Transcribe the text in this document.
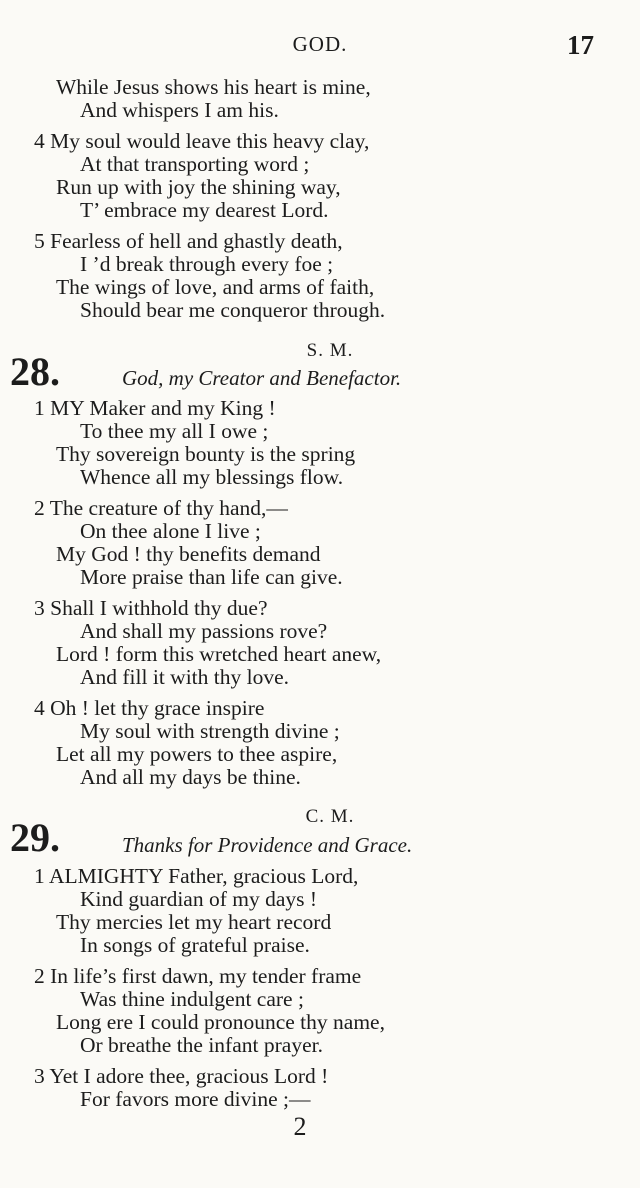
GOD.	17
While Jesus shows his heart is mine,
And whispers I am his.
4 My soul would leave this heavy clay,
At that transporting word ;
Run up with joy the shining way,
T’ embrace my dearest Lord.
5 Fearless of hell and ghastly death,
I ’d break through every foe ;
The wings of love, and arms of faith,
Should bear me conqueror through.
28.	S. M.
God, my Creator and Benefactor.
1 MY Maker and my King !
To thee my all I owe ;
Thy sovereign bounty is the spring
Whence all my blessings flow.
2 The creature of thy hand,—
On thee alone I live ;
My God ! thy benefits demand
More praise than life can give.
3 Shall I withhold thy due?
And shall my passions rove?
Lord ! form this wretched heart anew,
And fill it with thy love.
4 Oh ! let thy grace inspire
My soul with strength divine ;
Let all my powers to thee aspire,
And all my days be thine.
29.	C. M.
Thanks for Providence and Grace.
1 ALMIGHTY Father, gracious Lord,
Kind guardian of my days !
Thy mercies let my heart record
In songs of grateful praise.
2 In life’s first dawn, my tender frame
Was thine indulgent care ;
Long ere I could pronounce thy name,
Or breathe the infant prayer.
3 Yet I adore thee, gracious Lord !
For favors more divine ;—
2
